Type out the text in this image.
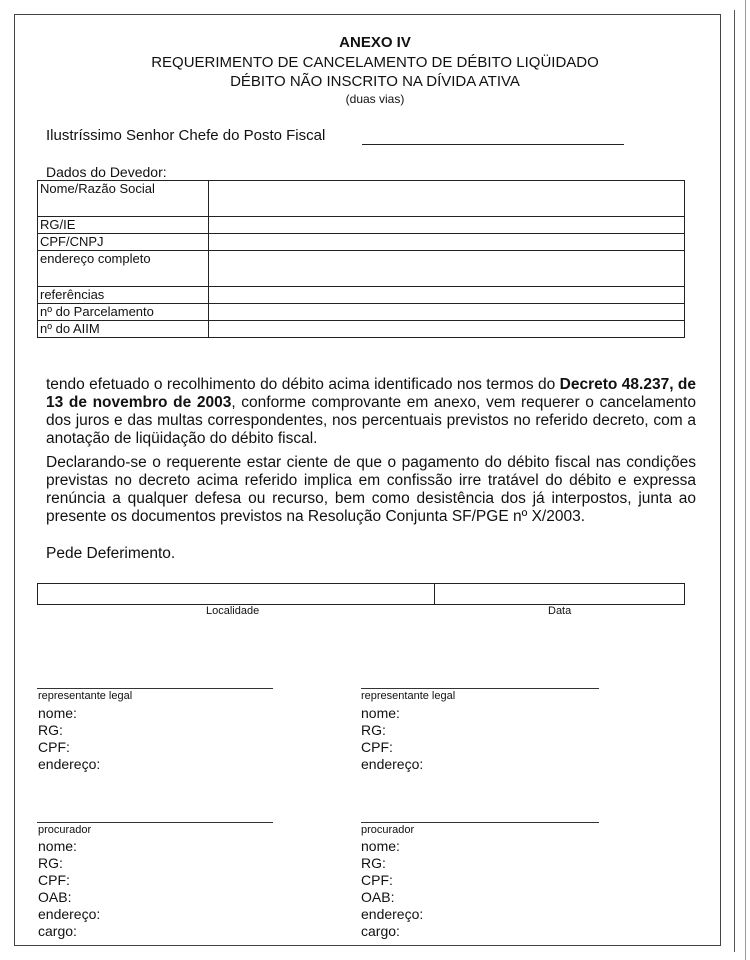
ANEXO IV
REQUERIMENTO DE CANCELAMENTO DE DÉBITO LIQÜIDADO
DÉBITO NÃO INSCRITO NA DÍVIDA ATIVA
(duas vias)
Ilustríssimo Senhor Chefe do Posto Fiscal
Dados do Devedor:
Nome/Razão Social	
RG/IE	
CPF/CNPJ	
endereço completo	
referências	
nº do Parcelamento	
nº do AIIM	
tendo efetuado o recolhimento do débito acima identificado nos termos do Decreto 48.237, de 13 de novembro de 2003, conforme comprovante em anexo, vem requerer o cancelamento dos juros e das multas correspondentes, nos percentuais previstos no referido decreto, com a anotação de liqüidação do débito fiscal.
Declarando-se o requerente estar ciente de que o pagamento do débito fiscal nas condições previstas no decreto acima referido implica em confissão irre tratável do débito e expressa renúncia a qualquer defesa ou recurso, bem como desistência dos já interpostos, junta ao presente os documentos previstos na Resolução Conjunta SF/PGE nº X/2003.
Pede Deferimento.
Localidade	Data
representante legal
nome:
RG:
CPF:
endereço:
representante legal
nome:
RG:
CPF:
endereço:
procurador
nome:
RG:
CPF:
OAB:
endereço:
cargo:
procurador
nome:
RG:
CPF:
OAB:
endereço:
cargo:
